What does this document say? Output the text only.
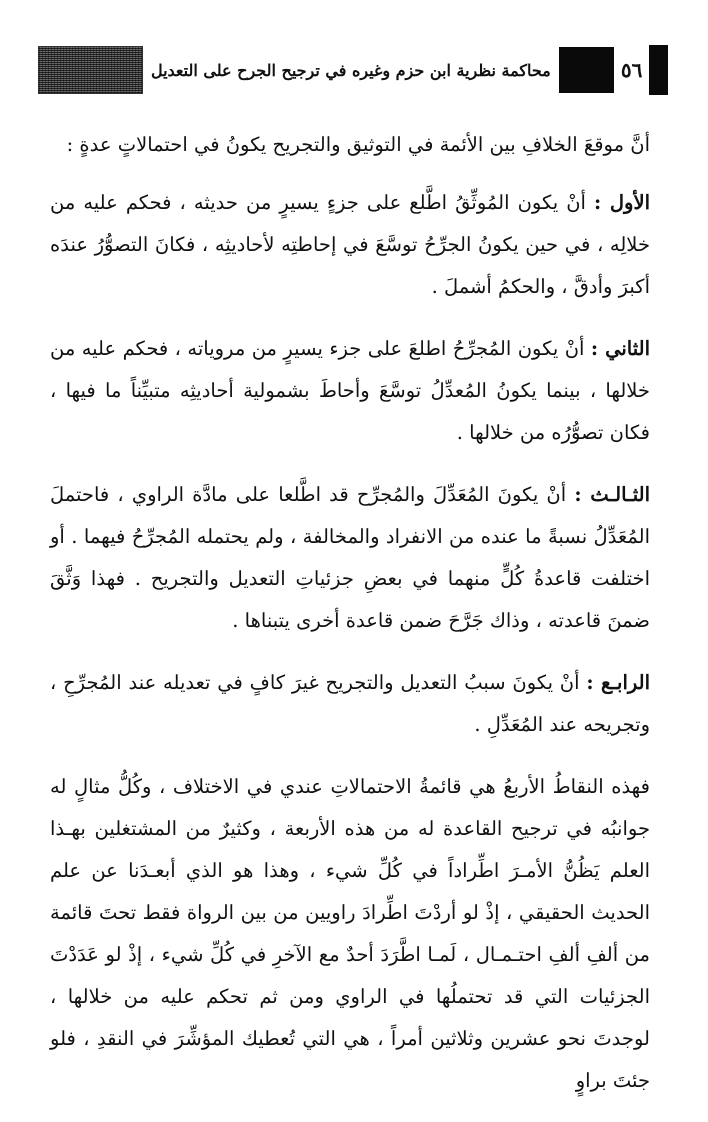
محاكمة نظرية ابن حزم وغيره في ترجيح الجرح على التعديل	٥٦

أنَّ موقعَ الخلافِ بين الأئمة في التوثيق والتجريح يكونُ في احتمالاتٍ عدةٍ :

الأول : أنْ يكون المُوثِّقُ اطَّلع على جزءٍ يسيرٍ من حديثه ، فحكم عليه من خلالِه ، في حين يكونُ الجرِّحُ توسَّعَ في إحاطتِه لأحاديثِه ، فكانَ التصوُّرُ عندَه أكبرَ وأدقَّ ، والحكمُ أشملَ .

الثاني : أنْ يكون المُجرِّحُ اطلعَ على جزء يسيرٍ من مروياته ، فحكم عليه من خلالها ، بينما يكونُ المُعدِّلُ توسَّعَ وأحاطَ بشمولية أحاديثِه متبيِّناً ما فيها ، فكان تصوُّرُه من خلالها .

الثـالـث : أنْ يكونَ المُعَدِّلَ والمُجرِّح قد اطَّلعا على مادَّة الراوي ، فاحتملَ المُعَدِّلُ نسبةً ما عنده من الانفراد والمخالفة ، ولم يحتمله المُجرِّحُ فيهما . أو اختلفت قاعدةُ كُلٍّ منهما في بعضِ جزئياتِ التعديل والتجريح . فهذا وَثَّقَ ضمنَ قاعدته ، وذاك جَرَّحَ ضمن قاعدة أخرى يتبناها .

الرابـع : أنْ يكونَ سببُ التعديل والتجريح غيرَ كافٍ في تعديله عند المُجرِّحِ ، وتجريحه عند المُعَدِّلِ .

فهذه النقاطُ الأربعُ هي قائمةُ الاحتمالاتِ عندي في الاختلاف ، وكُلُّ مثالٍ له جوانبُه في ترجيح القاعدة له من هذه الأربعة ، وكثيرٌ من المشتغلين بهـذا العلم يَظُنُّ الأمـرَ اطِّراداً في كُلِّ شيء ، وهذا هو الذي أبعـدَنا عن علم الحديث الحقيقي ، إذْ لو أردْتَ اطِّرادَ راويين من بين الرواة فقط تحتَ قائمة من ألفِ ألفِ احتـمـال ، لَمـا اطَّرَدَ أحدٌ مع الآخرِ في كُلِّ شيء ، إذْ لو عَدَدْتَ الجزئيات التي قد تحتملُها في الراوي ومن ثم تحكم عليه من خلالها ، لوجدتَ نحو عشرين وثلاثين أمراً ، هي التي تُعطيك المؤشِّرَ في النقدِ ، فلو جئتَ براوٍ
